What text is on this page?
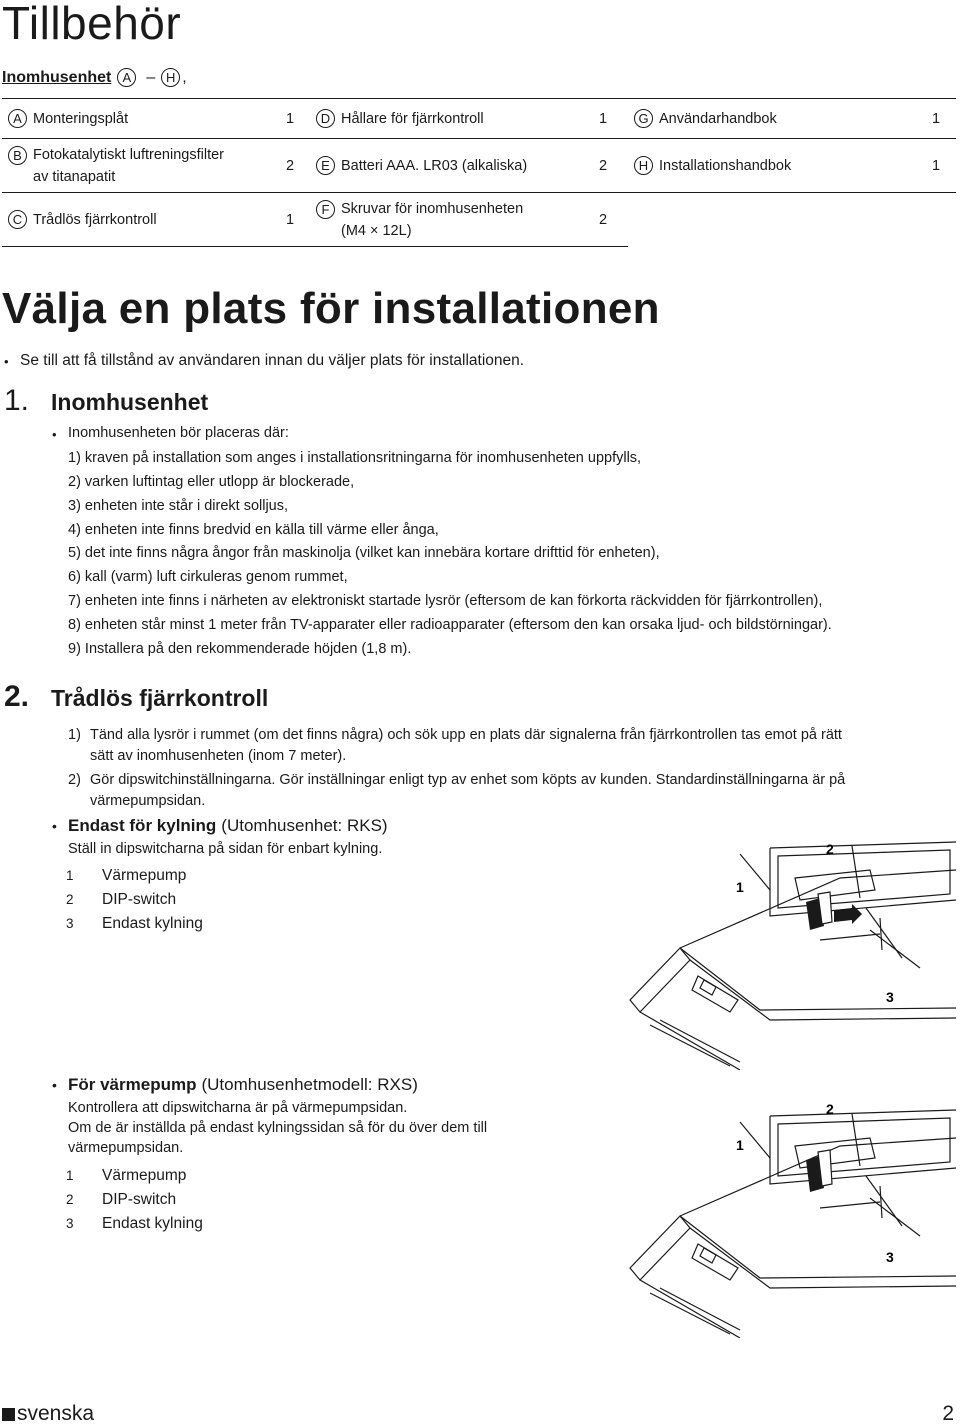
Tillbehör
Inomhusenhet A – H ,
A Monteringsplåt	1	D Hållare för fjärrkontroll	1	G Användarhandbok	1

B Fotokatalytiskt luftreningsfilter
av titanapatit	2	E Batteri AAA. LR03 (alkaliska)	2	H Installationshandbok	1

C Trådlös fjärrkontroll	1	F Skruvar för inomhusenheten
(M4 × 12L)	2		
Välja en plats för installationen
• Se till att få tillstånd av användaren innan du väljer plats för installationen.
1. Inomhusenhet
• Inomhusenheten bör placeras där:
1) kraven på installation som anges i installationsritningarna för inomhusenheten uppfylls,
2) varken luftintag eller utlopp är blockerade,
3) enheten inte står i direkt solljus,
4) enheten inte finns bredvid en källa till värme eller ånga,
5) det inte finns några ångor från maskinolja (vilket kan innebära kortare drifttid för enheten),
6) kall (varm) luft cirkuleras genom rummet,
7) enheten inte finns i närheten av elektroniskt startade lysrör (eftersom de kan förkorta räckvidden för fjärrkontrollen),
8) enheten står minst 1 meter från TV-apparater eller radioapparater (eftersom den kan orsaka ljud- och bildstörningar).
9) Installera på den rekommenderade höjden (1,8 m).
2. Trådlös fjärrkontroll
1) Tänd alla lysrör i rummet (om det finns några) och sök upp en plats där signalerna från fjärrkontrollen tas emot på rätt
sätt av inomhusenheten (inom 7 meter).
2) Gör dipswitchinställningarna. Gör inställningar enligt typ av enhet som köpts av kunden. Standardinställningarna är på
värmepumpsidan.
• Endast för kylning (Utomhusenhet: RKS)
Ställ in dipswitcharna på sidan för enbart kylning.
1	Värmepump
2	DIP-switch
3	Endast kylning
2
1
3
• För värmepump (Utomhusenhetmodell: RXS)
Kontrollera att dipswitcharna är på värmepumpsidan.
Om de är inställda på endast kylningssidan så för du över dem till
värmepumpsidan.
1	Värmepump
2	DIP-switch
3	Endast kylning
2
1
3
svenska	2
